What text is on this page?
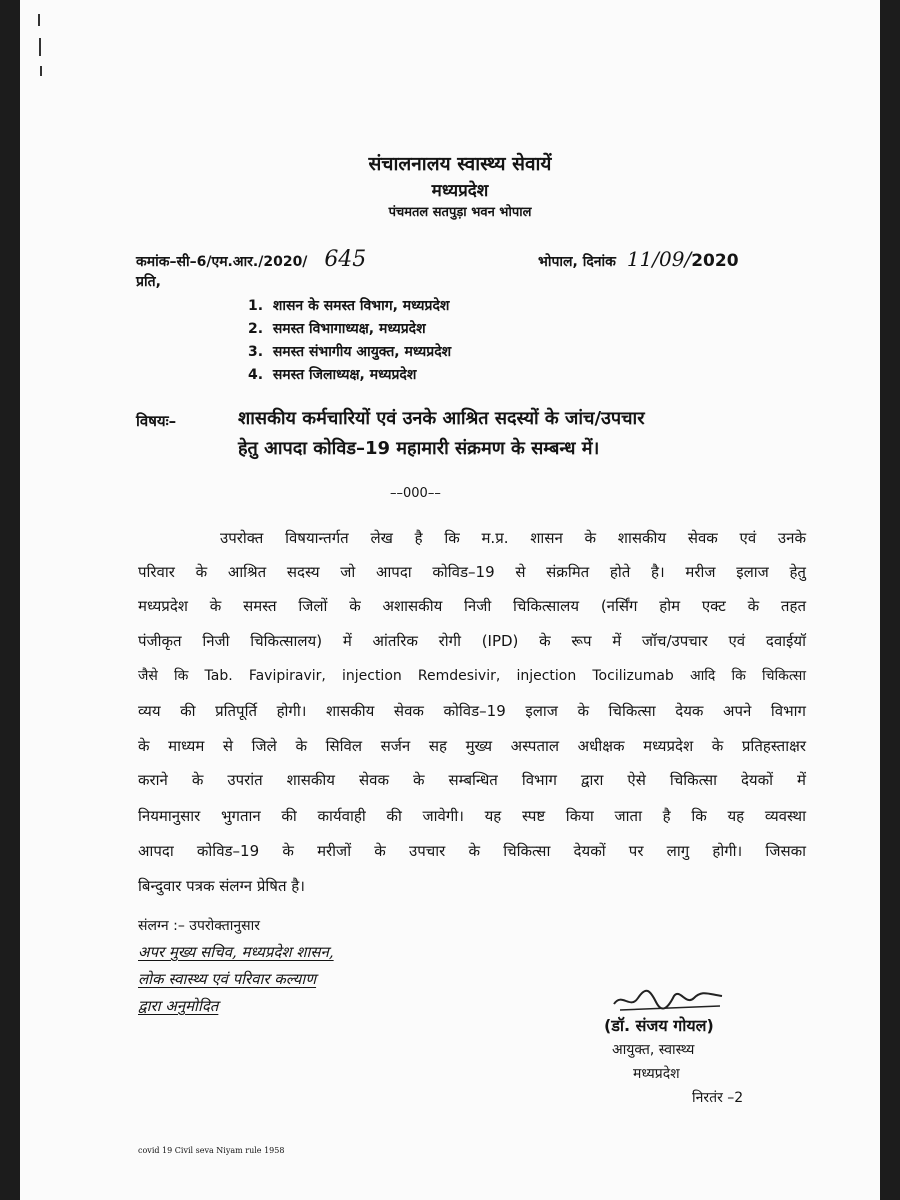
संचालनालय स्वास्थ्य सेवायें
मध्यप्रदेश
पंचमतल सतपुड़ा भवन भोपाल
कमांक–सी–6/एम.आर./2020/ 645	भोपाल, दिनांक 11/09/2020
प्रति,
1. शासन के समस्त विभाग, मध्यप्रदेश
2. समस्त विभागाध्यक्ष, मध्यप्रदेश
3. समस्त संभागीय आयुक्त, मध्यप्रदेश
4. समस्त जिलाध्यक्ष, मध्यप्रदेश
विषयः–	शासकीय कर्मचारियों एवं उनके आश्रित सदस्यों के जांच/उपचार
हेतु आपदा कोविड–19 महामारी संक्रमण के सम्बन्ध में।
––000––
उपरोक्त विषयान्तर्गत लेख है कि म.प्र. शासन के शासकीय सेवक एवं उनके
परिवार के आश्रित सदस्य जो आपदा कोविड–19 से संक्रमित होते है। मरीज इलाज हेतु
मध्यप्रदेश के समस्त जिलों के अशासकीय निजी चिकित्सालय (नर्सिंग होम एक्ट के तहत
पंजीकृत निजी चिकित्सालय) में आंतरिक रोगी (IPD) के रूप में जॉच/उपचार एवं दवाईयॉ
जैसे कि Tab. Favipiravir, injection Remdesivir, injection Tocilizumab आदि कि चिकित्सा
व्यय की प्रतिपूर्ति होगी। शासकीय सेवक कोविड–19 इलाज के चिकित्सा देयक अपने विभाग
के माध्यम से जिले के सिविल सर्जन सह मुख्य अस्पताल अधीक्षक मध्यप्रदेश के प्रतिहस्ताक्षर
कराने के उपरांत शासकीय सेवक के सम्बन्धित विभाग द्वारा ऐसे चिकित्सा देयकों में
नियमानुसार भुगतान की कार्यवाही की जावेगी। यह स्पष्ट किया जाता है कि यह व्यवस्था
आपदा कोविड–19 के मरीजों के उपचार के चिकित्सा देयकों पर लागु होगी। जिसका
बिन्दुवार पत्रक संलग्न प्रेषित है।
संलग्न :– उपरोक्तानुसार
अपर मुख्य सचिव, मध्यप्रदेश शासन,
लोक स्वास्थ्य एवं परिवार कल्याण
द्वारा अनुमोदित
(डॉ. संजय गोयल)
आयुक्त, स्वास्थ्य
मध्यप्रदेश
निरतंर –2
covid 19 Civil seva Niyam rule 1958
